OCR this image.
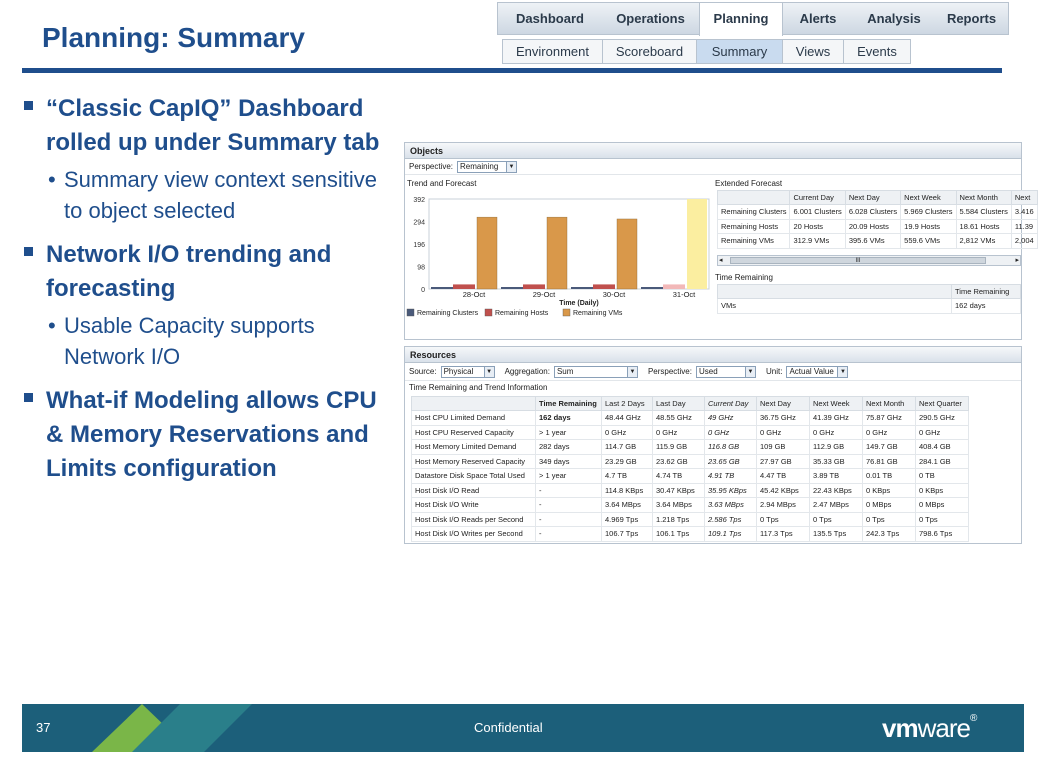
Planning: Summary
Dashboard	Operations	Planning	Alerts	Analysis	Reports
Environment	Scoreboard	Summary	Views	Events
“Classic CapIQ” Dashboard rolled up under Summary tab
• Summary view context sensitive to object selected
Network I/O trending and forecasting
• Usable Capacity supports Network I/O
What-if Modeling allows CPU & Memory Reservations and Limits configuration
Objects
Perspective: Remaining	▼
Trend and Forecast
0
98
196
294
392
28-Oct	29-Oct	30-Oct	31-Oct
Time (Daily)
Remaining Clusters Remaining Hosts	Remaining VMs
Extended Forecast
	Current Day	Next Day	Next Week	Next Month	Next
Remaining Clusters	6.001 Clusters	6.028 Clusters	5.969 Clusters	5.584 Clusters	3.416
Remaining Hosts	20 Hosts	20.09 Hosts	19.9 Hosts	18.61 Hosts	11.39
Remaining VMs	312.9 VMs	395.6 VMs	559.6 VMs	2,812 VMs	2,004
◂	III	▸
Time Remaining
	Time Remaining
VMs	162 days
Resources
Source: Physical	▼ Aggregation: Sum	▼ Perspective: Used	▼ Unit: Actual Value	▼
Time Remaining and Trend Information
	Time Remaining	Last 2 Days	Last Day	Current Day	Next Day	Next Week	Next Month	Next Quarter
Host CPU Limited Demand	162 days	48.44 GHz	48.55 GHz	49 GHz	36.75 GHz	41.39 GHz	75.87 GHz	290.5 GHz
Host CPU Reserved Capacity	> 1 year	0 GHz	0 GHz	0 GHz	0 GHz	0 GHz	0 GHz	0 GHz
Host Memory Limited Demand	282 days	114.7 GB	115.9 GB	116.8 GB	109 GB	112.9 GB	149.7 GB	408.4 GB
Host Memory Reserved Capacity	349 days	23.29 GB	23.62 GB	23.65 GB	27.97 GB	35.33 GB	76.81 GB	284.1 GB
Datastore Disk Space Total Used	> 1 year	4.7 TB	4.74 TB	4.91 TB	4.47 TB	3.89 TB	0.01 TB	0 TB
Host Disk I/O Read	-	114.8 KBps	30.47 KBps	35.95 KBps	45.42 KBps	22.43 KBps	0 KBps	0 KBps
Host Disk I/O Write	-	3.64 MBps	3.64 MBps	3.63 MBps	2.94 MBps	2.47 MBps	0 MBps	0 MBps
Host Disk I/O Reads per Second	-	4.969 Tps	1.218 Tps	2.586 Tps	0 Tps	0 Tps	0 Tps	0 Tps
Host Disk I/O Writes per Second	-	106.7 Tps	106.1 Tps	109.1 Tps	117.3 Tps	135.5 Tps	242.3 Tps	798.6 Tps
37	Confidential	vmware®
